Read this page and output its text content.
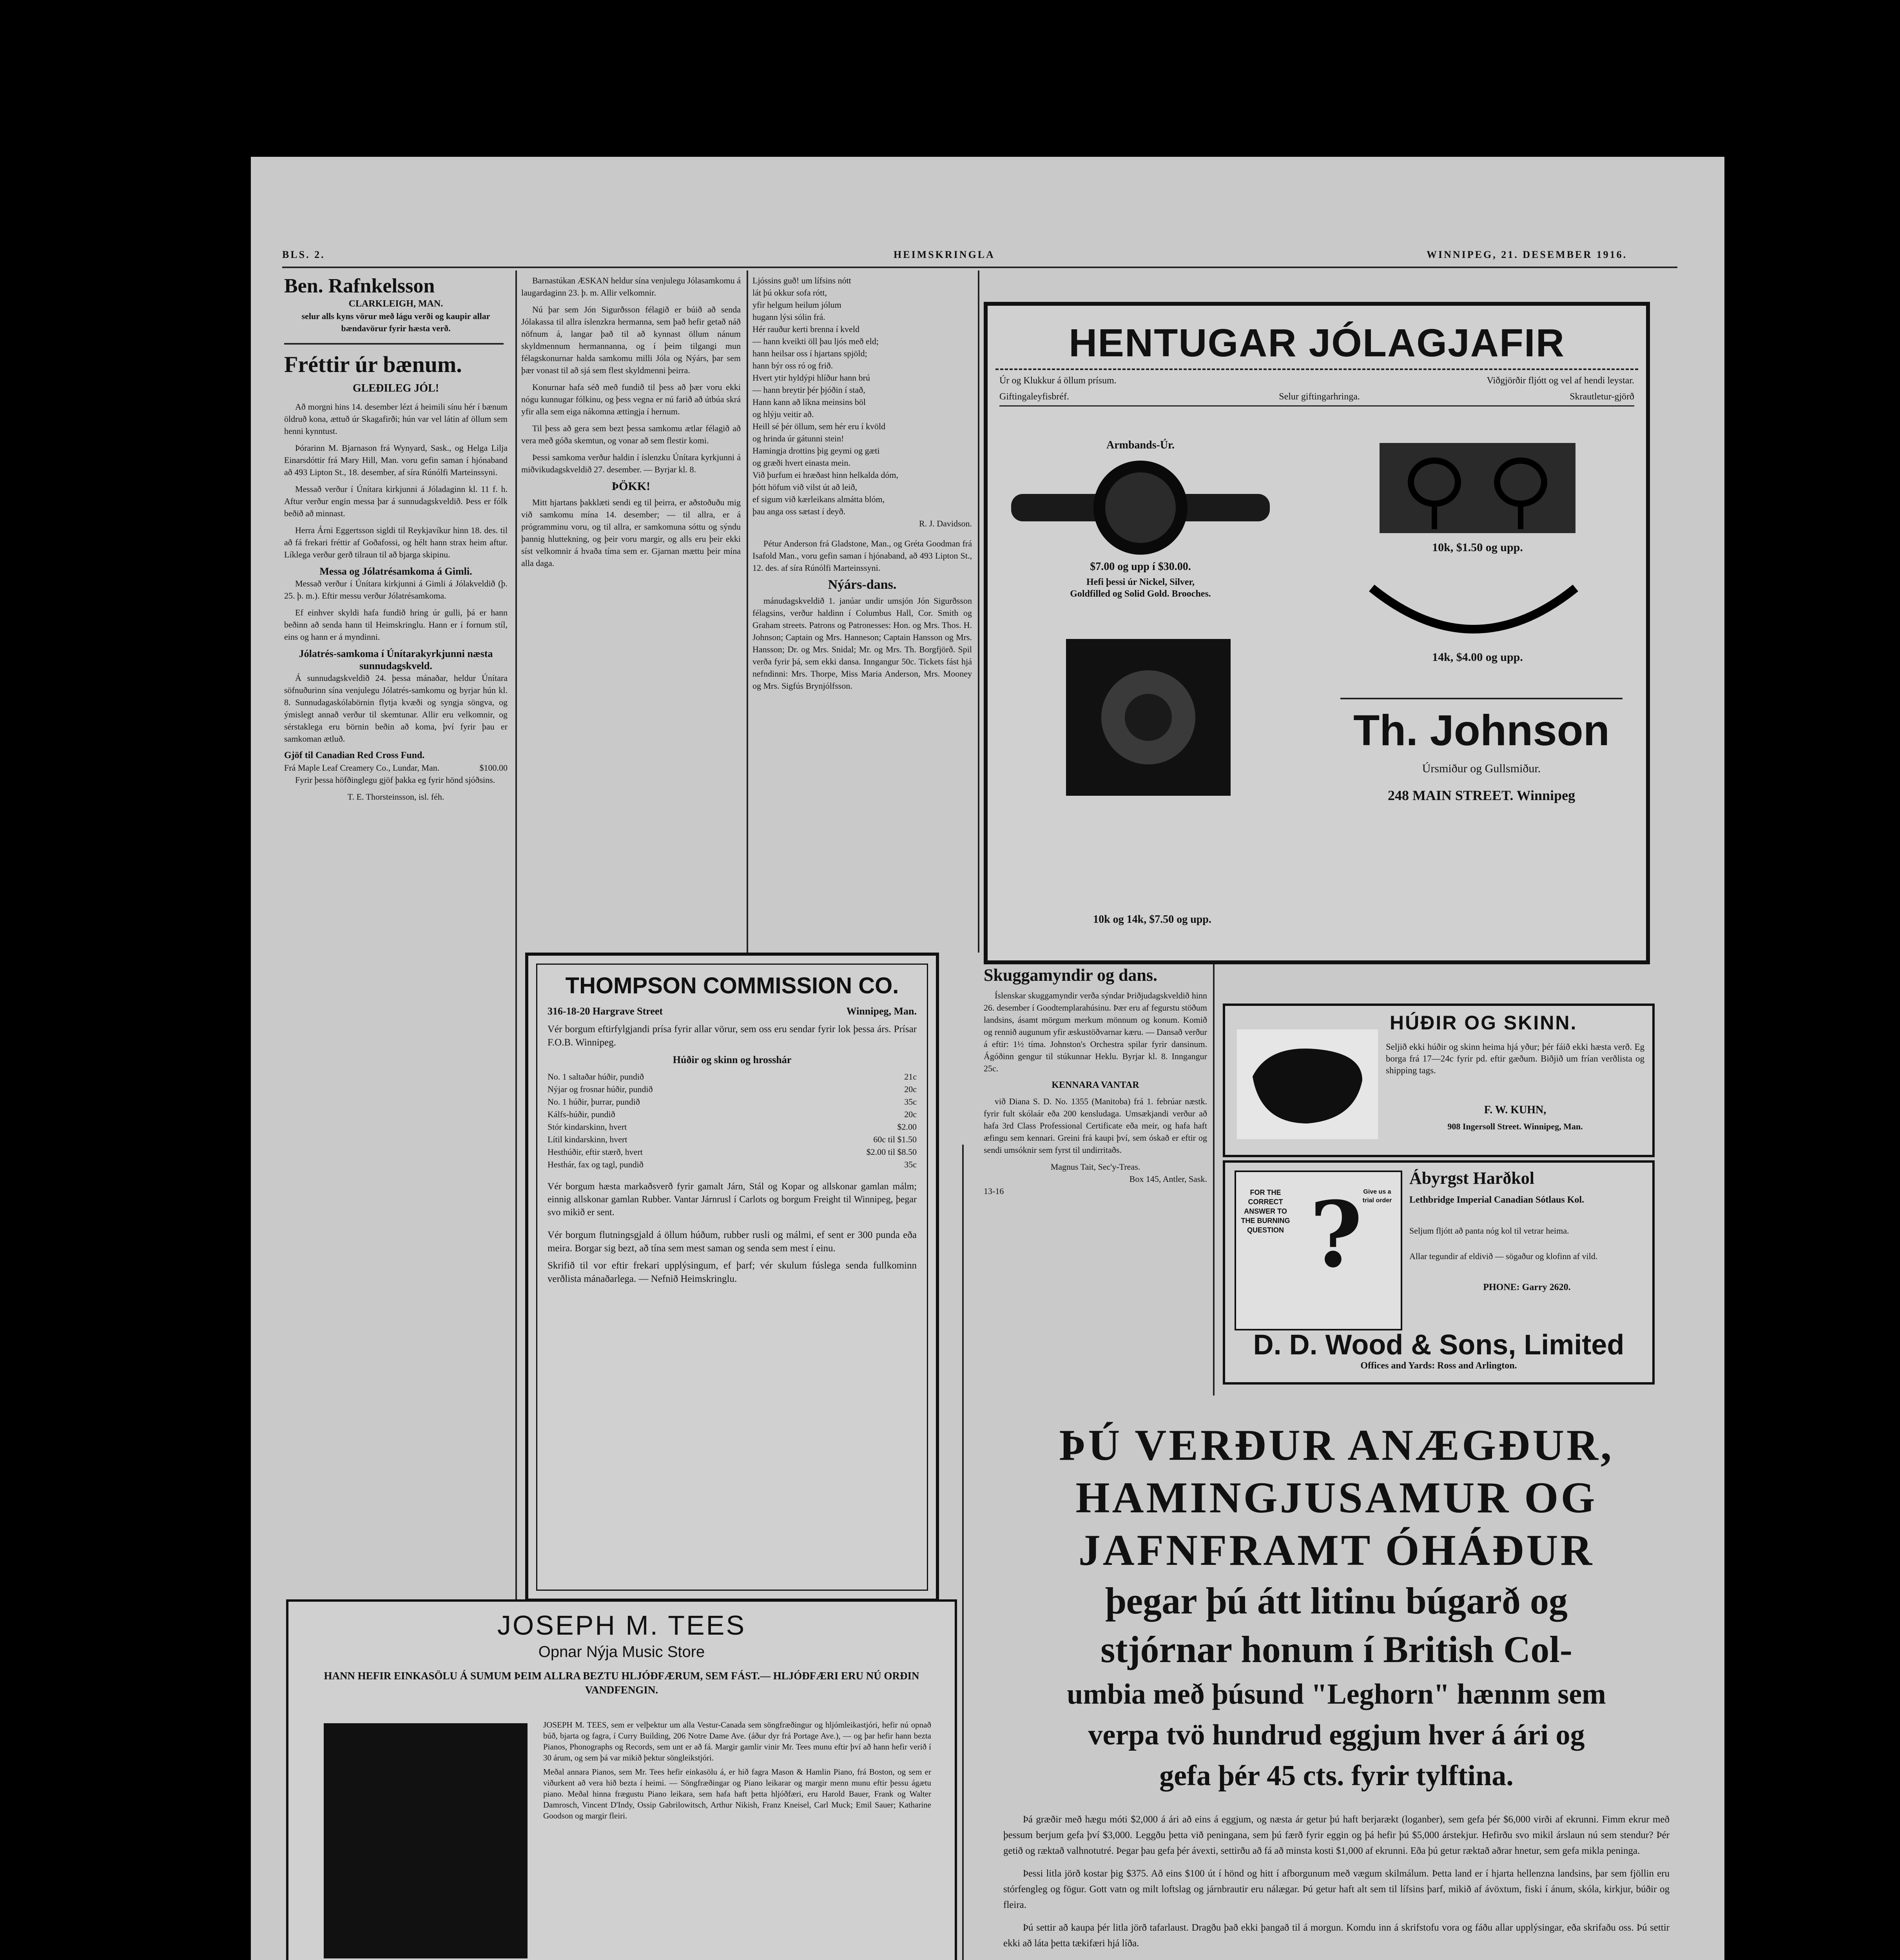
BLS. 2.	HEIMSKRINGLA	WINNIPEG, 21. DESEMBER 1916.
Ben. Rafnkelsson
CLARKLEIGH, MAN.
selur alls kyns vörur með lágu verði og kaupir allar bændavörur fyrir hæsta verð.
Fréttir úr bænum.
GLEÐILEG JÓL!

Að morgni hins 14. desember lézt á heimili sínu hér í bænum öldruð kona, ættuð úr Skagafirði; hún var vel látin af öllum sem henni kynntust.

Þórarinn M. Bjarnason frá Wynyard, Sask., og Helga Lilja Einarsdóttir frá Mary Hill, Man. voru gefin saman í hjónaband að 493 Lipton St., 18. desember, af síra Rúnólfi Marteinssyni.

Messað verður í Únítara kirkjunni á Jóladaginn kl. 11 f. h. Aftur verður engin messa þar á sunnudagskveldið. Þess er fólk beðið að minnast.

Herra Árni Eggertsson sigldi til Reykjavíkur hinn 18. des. til að fá frekari fréttir af Goðafossi, og hélt hann strax heim aftur. Líklega verður gerð tilraun til að bjarga skipinu.

Messa og Jólatrésamkoma á Gimli.

Messað verður í Únítara kirkjunni á Gimli á Jólakveldið (þ. 25. þ. m.). Eftir messu verður Jólatrésamkoma.

Ef einhver skyldi hafa fundið hring úr gulli, þá er hann beðinn að senda hann til Heimskringlu. Hann er í fornum stíl, eins og hann er á myndinni.

Jólatrés-samkoma í Únítarakyrkjunni næsta sunnudagskveld.

Á sunnudagskveldið 24. þessa mánaðar, heldur Únítara söfnuðurinn sína venjulegu Jólatrés-samkomu og byrjar hún kl. 8. Sunnudagaskólabörnin flytja kvæði og syngja söngva, og ýmislegt annað verður til skemtunar. Allir eru velkomnir, og sérstaklega eru börnin beðin að koma, því fyrir þau er samkoman ætluð.

Gjöf til Canadian Red Cross Fund.
Frá Maple Leaf Creamery Co., Lundar, Man.	$100.00

Fyrir þessa höfðinglegu gjöf þakka eg fyrir hönd sjóðsins.

T. E. Thorsteinsson, isl. féh.

Barnastúkan ÆSKAN heldur sína venjulegu Jólasamkomu á laugardaginn 23. þ. m. Allir velkomnir.

Nú þar sem Jón Sigurðsson félagið er búið að senda Jólakassa til allra íslenzkra hermanna, sem það hefir getað náð nöfnum á, langar það til að kynnast öllum nánum skyldmennum hermannanna, og í þeim tilgangi mun félagskonurnar halda samkomu milli Jóla og Nýárs, þar sem þær vonast til að sjá sem flest skyldmenni þeirra.

Konurnar hafa séð með fundið til þess að þær voru ekki nógu kunnugar fólkinu, og þess vegna er nú farið að útbúa skrá yfir alla sem eiga nákomna ættingja í hernum.

Til þess að gera sem bezt þessa samkomu ætlar félagið að vera með góða skemtun, og vonar að sem flestir komi.

Þessi samkoma verður haldin í íslenzku Únítara kyrkjunni á miðvikudagskveldið 27. desember. — Byrjar kl. 8.

ÞÖKK!

Mitt hjartans þakklæti sendi eg til þeirra, er aðstoðuðu mig við samkomu mína 14. desember; — til allra, er á prógramminu voru, og til allra, er samkomuna sóttu og sýndu þannig hluttekning, og þeir voru margir, og alls eru þeir ekki síst velkomnir á hvaða tíma sem er. Gjarnan mættu þeir mína alla daga.

Ljóssins guð! um lífsins nótt
lát þú okkur sofa rótt,
yfir helgum heilum jólum
hugann lýsi sólin frá.
Hér rauður kerti brenna í kveld
— hann kveikti öll þau ljós með eld;
hann heilsar oss í hjartans spjöld;
hann býr oss ró og frið.
Hvert ytir hyldýpi hlíður hann brú
— hann breytir þér þjóðin í stað,
Hann kann að líkna meinsins böl
og hlýju veitir að.
Heill sé þér öllum, sem hér eru í kvöld
og hrinda úr gátunni stein!
Hamingja drottins þig geymi og gæti
og græði hvert einasta mein.
Við þurfum ei hræðast hinn helkalda dóm,
þótt höfum við vilst út að leið,
ef sigum við kærleikans almátta blóm,
þau anga oss sætast í deyð.
R. J. Davidson.

Pétur Anderson frá Gladstone, Man., og Gréta Goodman frá Isafold Man., voru gefin saman í hjónaband, að 493 Lipton St., 12. des. af síra Rúnólfi Marteinssyni.

Nýárs-dans.

mánudagskveldið 1. janúar undir umsjón Jón Sigurðsson félagsins, verður haldinn í Columbus Hall, Cor. Smith og Graham streets. Patrons og Patronesses: Hon. og Mrs. Thos. H. Johnson; Captain og Mrs. Hanneson; Captain Hansson og Mrs. Hansson; Dr. og Mrs. Snidal; Mr. og Mrs. Th. Borgfjörð. Spil verða fyrir þá, sem ekki dansa. Inngangur 50c. Tickets fást hjá nefndinni: Mrs. Thorpe, Miss Maria Anderson, Mrs. Mooney og Mrs. Sigfús Brynjólfsson.

THOMPSON COMMISSION CO.
316-18-20 Hargrave Street	Winnipeg, Man.
Vér borgum eftirfylgjandi prísa fyrir allar vörur, sem oss eru sendar fyrir lok þessa árs. Prísar F.O.B. Winnipeg.
Húðir og skinn og hrosshár
No. 1 saltaðar húðir, pundið	21c
Nýjar og frosnar húðir, pundið	20c
No. 1 húðir, þurrar, pundið	35c
Kálfs-húðir, pundið	20c
Stór kindarskinn, hvert	$2.00
Lítil kindarskinn, hvert	60c til $1.50
Hesthúðir, eftir stærð, hvert	$2.00 til $8.50
Hesthár, fax og tagl, pundið	35c
Vér borgum hæsta markaðsverð fyrir gamalt Járn, Stál og Kopar og allskonar gamlan málm; einnig allskonar gamlan Rubber. Vantar Járnrusl í Carlots og borgum Freight til Winnipeg, þegar svo mikið er sent.
Vér borgum flutningsgjald á öllum húðum, rubber rusli og málmi, ef sent er 300 punda eða meira. Borgar sig bezt, að tína sem mest saman og senda sem mest í einu.
Skrifið til vor eftir frekari upplýsingum, ef þarf; vér skulum fúslega senda fullkominn verðlista mánaðarlega. — Nefnið Heimskringlu.
JOSEPH M. TEES
Opnar Nýja Music Store
HANN HEFIR EINKASÖLU Á SUMUM ÞEIM ALLRA BEZTU HLJÓÐFÆRUM, SEM FÁST.— HLJÓÐFÆRI ERU NÚ ORÐIN VANDFENGIN.

JOSEPH M. TEES, sem er velþektur um alla Vestur-Canada sem söngfræðingur og hljómleikastjóri, hefir nú opnað búð, bjarta og fagra, í Curry Building, 206 Notre Dame Ave. (áður dyr frá Portage Ave.), — og þar hefir hann bezta Pianos, Phonographs og Records, sem unt er að fá. Margir gamlir vinir Mr. Tees munu eftir því að hann hefir verið í 30 árum, og sem þá var mikið þektur söngleikstjóri.

Meðal annara Pianos, sem Mr. Tees hefir einkasölu á, er hið fagra Mason & Hamlin Piano, frá Boston, og sem er viðurkent að vera hið bezta í heimi. — Söngfræðingar og Piano leikarar og margir menn munu eftir þessu ágætu piano. Meðal hinna frægustu Piano leikara, sem hafa haft þetta hljóðfæri, eru Harold Bauer, Frank og Walter Damrosch, Vincent D'Indy, Ossip Gabrilowitsch, Arthur Nikish, Franz Kneisel, Carl Muck; Emil Sauer; Katharine Goodson og margir fleiri.

HENTUGAR JÓLAGJAFIR
Úr og Klukkur á öllum prísum.	Viðgjörðir fljótt og vel af hendi leystar.
Giftingaleyfisbréf.	Selur giftingarhringa.	Skrautletur-gjörð
Armbands-Úr.
$7.00 og upp í $30.00.
Hefi þessi úr Nickel, Silver, Goldfilled og Solid Gold. Brooches.
10k, $1.50 og upp.
14k, $4.00 og upp.
10k og 14k, $7.50 og upp.
Th. Johnson
Úrsmiður og Gullsmiður.
248 MAIN STREET. Winnipeg
Skuggamyndir og dans.

Íslenskar skuggamyndir verða sýndar Þriðjudagskveldið hinn 26. desember í Goodtemplarahúsinu. Þær eru af fegurstu stöðum landsins, ásamt mörgum merkum mönnum og konum. Komið og rennið augunum yfir æskustöðvarnar kæru. — Dansað verður á eftir: 1½ tíma. Johnston's Orchestra spilar fyrir dansinum. Ágóðinn gengur til stúkunnar Heklu. Byrjar kl. 8. Inngangur 25c.

KENNARA VANTAR

við Diana S. D. No. 1355 (Manitoba) frá 1. febrúar næstk. fyrir fult skólaár eða 200 kensludaga. Umsækjandi verður að hafa 3rd Class Professional Certificate eða meir, og hafa haft æfingu sem kennari. Greini frá kaupi því, sem óskað er eftir og sendi umsóknir sem fyrst til undirritaðs.

Magnus Tait, Sec'y-Treas.
Box 145, Antler, Sask.
13-16
HÚÐIR OG SKINN.
Seljið ekki húðir og skinn heima hjá yður; þér fáið ekki hæsta verð. Eg borga frá 17—24c fyrir pd. eftir gæðum. Biðjið um frían verðlista og shipping tags.
F. W. KUHN,
908 Ingersoll Street. Winnipeg, Man.
FOR THE CORRECT ANSWER TO THE BURNING QUESTION ? Give us a trial order
Ábyrgst Harðkol
Lethbridge Imperial Canadian Sótlaus Kol.
Seljum fljótt að panta nóg kol til vetrar heima.
Allar tegundir af eldivið — sögaður og klofinn af vild.
PHONE: Garry 2620.
D. D. Wood & Sons, Limited
Offices and Yards: Ross and Arlington.
ÞÚ VERÐUR ANÆGÐUR,
HAMINGJUSAMUR OG
JAFNFRAMT ÓHÁÐUR
þegar þú átt litinu búgarð og
stjórnar honum í British Col-
umbia með þúsund "Leghorn" hænnm sem
verpa tvö hundrud eggjum hver á ári og
gefa þér 45 cts. fyrir tylftina.

Þá græðir með hægu móti $2,000 á ári að eins á eggjum, og næsta ár getur þú haft berjarækt (loganber), sem gefa þér $6,000 virði af ekrunni. Fimm ekrur með þessum berjum gefa því $3,000. Leggðu þetta við peningana, sem þú færð fyrir eggin og þá hefir þú $5,000 árstekjur. Hefirðu svo mikil árslaun nú sem stendur? Þér getið og ræktað valhnotutré. Þegar þau gefa þér ávexti, settirðu að fá að minsta kosti $1,000 af ekrunni. Eða þú getur ræktað aðrar hnetur, sem gefa mikla peninga.

Þessi litla jörð kostar þig $375. Að eins $100 út í hönd og hitt í afborgunum með vægum skilmálum. Þetta land er í hjarta hellenzna landsins, þar sem fjöllin eru stórfengleg og fögur. Gott vatn og milt loftslag og járnbrautir eru nálægar. Þú getur haft alt sem til lífsins þarf, mikið af ávöxtum, fiski í ánum, skóla, kirkjur, búðir og fleira.

Þú settir að kaupa þér litla jörð tafarlaust. Dragðu það ekki þangað til á morgun. Komdu inn á skrifstofu vora og fáðu allar upplýsingar, eða skrifaðu oss. Þú settir ekki að láta þetta tækifæri hjá líða.
